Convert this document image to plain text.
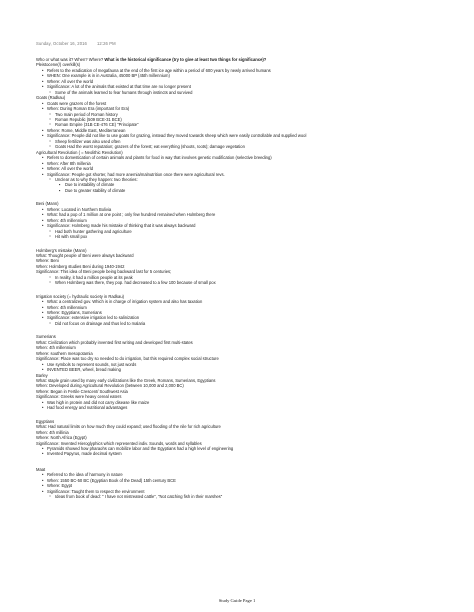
Sunday, October 16, 2016 12:26 PM

Who or what was it? When? Where? What is the historical significance (try to give at least two things for significance)?

Pleistocene(/) overkill(s)

• Refers to the eradication of megafauna at the end of the first ice age within a period of 600 years by newly arrived humans
• WHEN: One example is in in Australia, 45000 BP (45th millennium)
• Where: All over the world
• Significance: A lot of the animals that existed at that time are no longer present
○ Some of the animals learned to fear humans through instincts and survived

Goats (Radkau)

• Goats were grazers of the forest
• When: During Roman Era (important for Era)
○ Two main period of Roman history
○ Roman Republic (509 BCE-31 BCE)
○ Roman Empire (31B CE-476 CE) "Principate"
• Where: Rome, Middle East, Mediterranean
• Significance: People did not like to use goats for grazing, instead they moved towards sheep which were easily controllable and supplied wool
○ Sheep fertilizer was also used often
○ Goats Had the worst reputation; grazers of the forest; eat everything (shoots, roots); damage vegetation

Agricultural Revolution ( = Neolithic Revolution)

• Refers to domestication of certain animals and plants for food in way that involves genetic modification (selective breeding)
• When: After 8th millenia
• Where: All over the world
• Significance: People got shorter, had more anemia/malnutrition once there were agricultural revs.
○ Unclear as to why they happen: two theories:
▪ Due to instability of climate
▪ Due to greater stability of climate

Beni (Mann)

• Where: Located in Northern Bolivia
• What: had a pop of 1 million at one point ; only few hundred remained when Holmberg there
• When: 4th millennium
• Significance: Holmberg made his mistake of thinking that it was always backward
○ Had both hunter gathering and agriculture
○ Hit with small pox

Holmberg's mistake (Mann)

What: Thought people of Beni were always backward

Where: Beni

When: Holmberg studies Beni during 1940-1942

Significance: This idea of Beni people being backward last for 5 centuries;

○ In reality, it had a million people at its peak
○ When Holmberg was there, they pop. had decreased to a few 100 because of small pox

Irrigation society (= hydraulic society in Radkau)

• What: a centralized gov. Which is in charge of irrigation system and also has taxation
• When: 4th millennium
• Where: Egyptians, Sumerians
• Significance: extensive irrigation led to salinization
○ Did not focus on drainage and thus led to malaria

Sumerians

What: Civilization which probably invented first writing and developed first multi-states

When: 4th millennium

Where: southern mesopotamia

Significance: Place was too dry so needed to do irrigation, but this required complex social structure

• Use symbols to represent sounds, not just words
• INVENTED BEER, wheel, bread making

Barley

What: staple grain used by many early civilizations like the Greek, Romans, Sumerians, Egyptians

When: Developed during Agricultural Revolution (between 10,000 and 2,000 BC)

Where: Began in Fertile Crescent/ Southwest Asia

Significance: Greeks were heavy cereal eaters

• Was high in protein and did not carry disease like maize
• Had food energy and nutritional advantages

Egyptians

What: Had natural limits on how much they could expand; used flooding of the nile for rich agriculture

When: 4th millinia

Where: North Africa (Egypt)

Significance: Invented Hieroglyphics which represented indiv. Sounds, words and syllables

• Pyramids showed how pharaohs can mobilize labor and the Egyptians had a high level of engineering
• Invented Papyrus, made decimal system

Maat

• Referred to the idea of harmony in nature
• When: 1550 BC-50 BC (Egyptian Book of the Dead) 15th century BCE
• Where: Egypt
• Significance: Taught them to respect the environment
○ Ideas from book of dead: " I have not mistreated cattle", "Not catching fish in their marshes"
Study Guide Page 1
